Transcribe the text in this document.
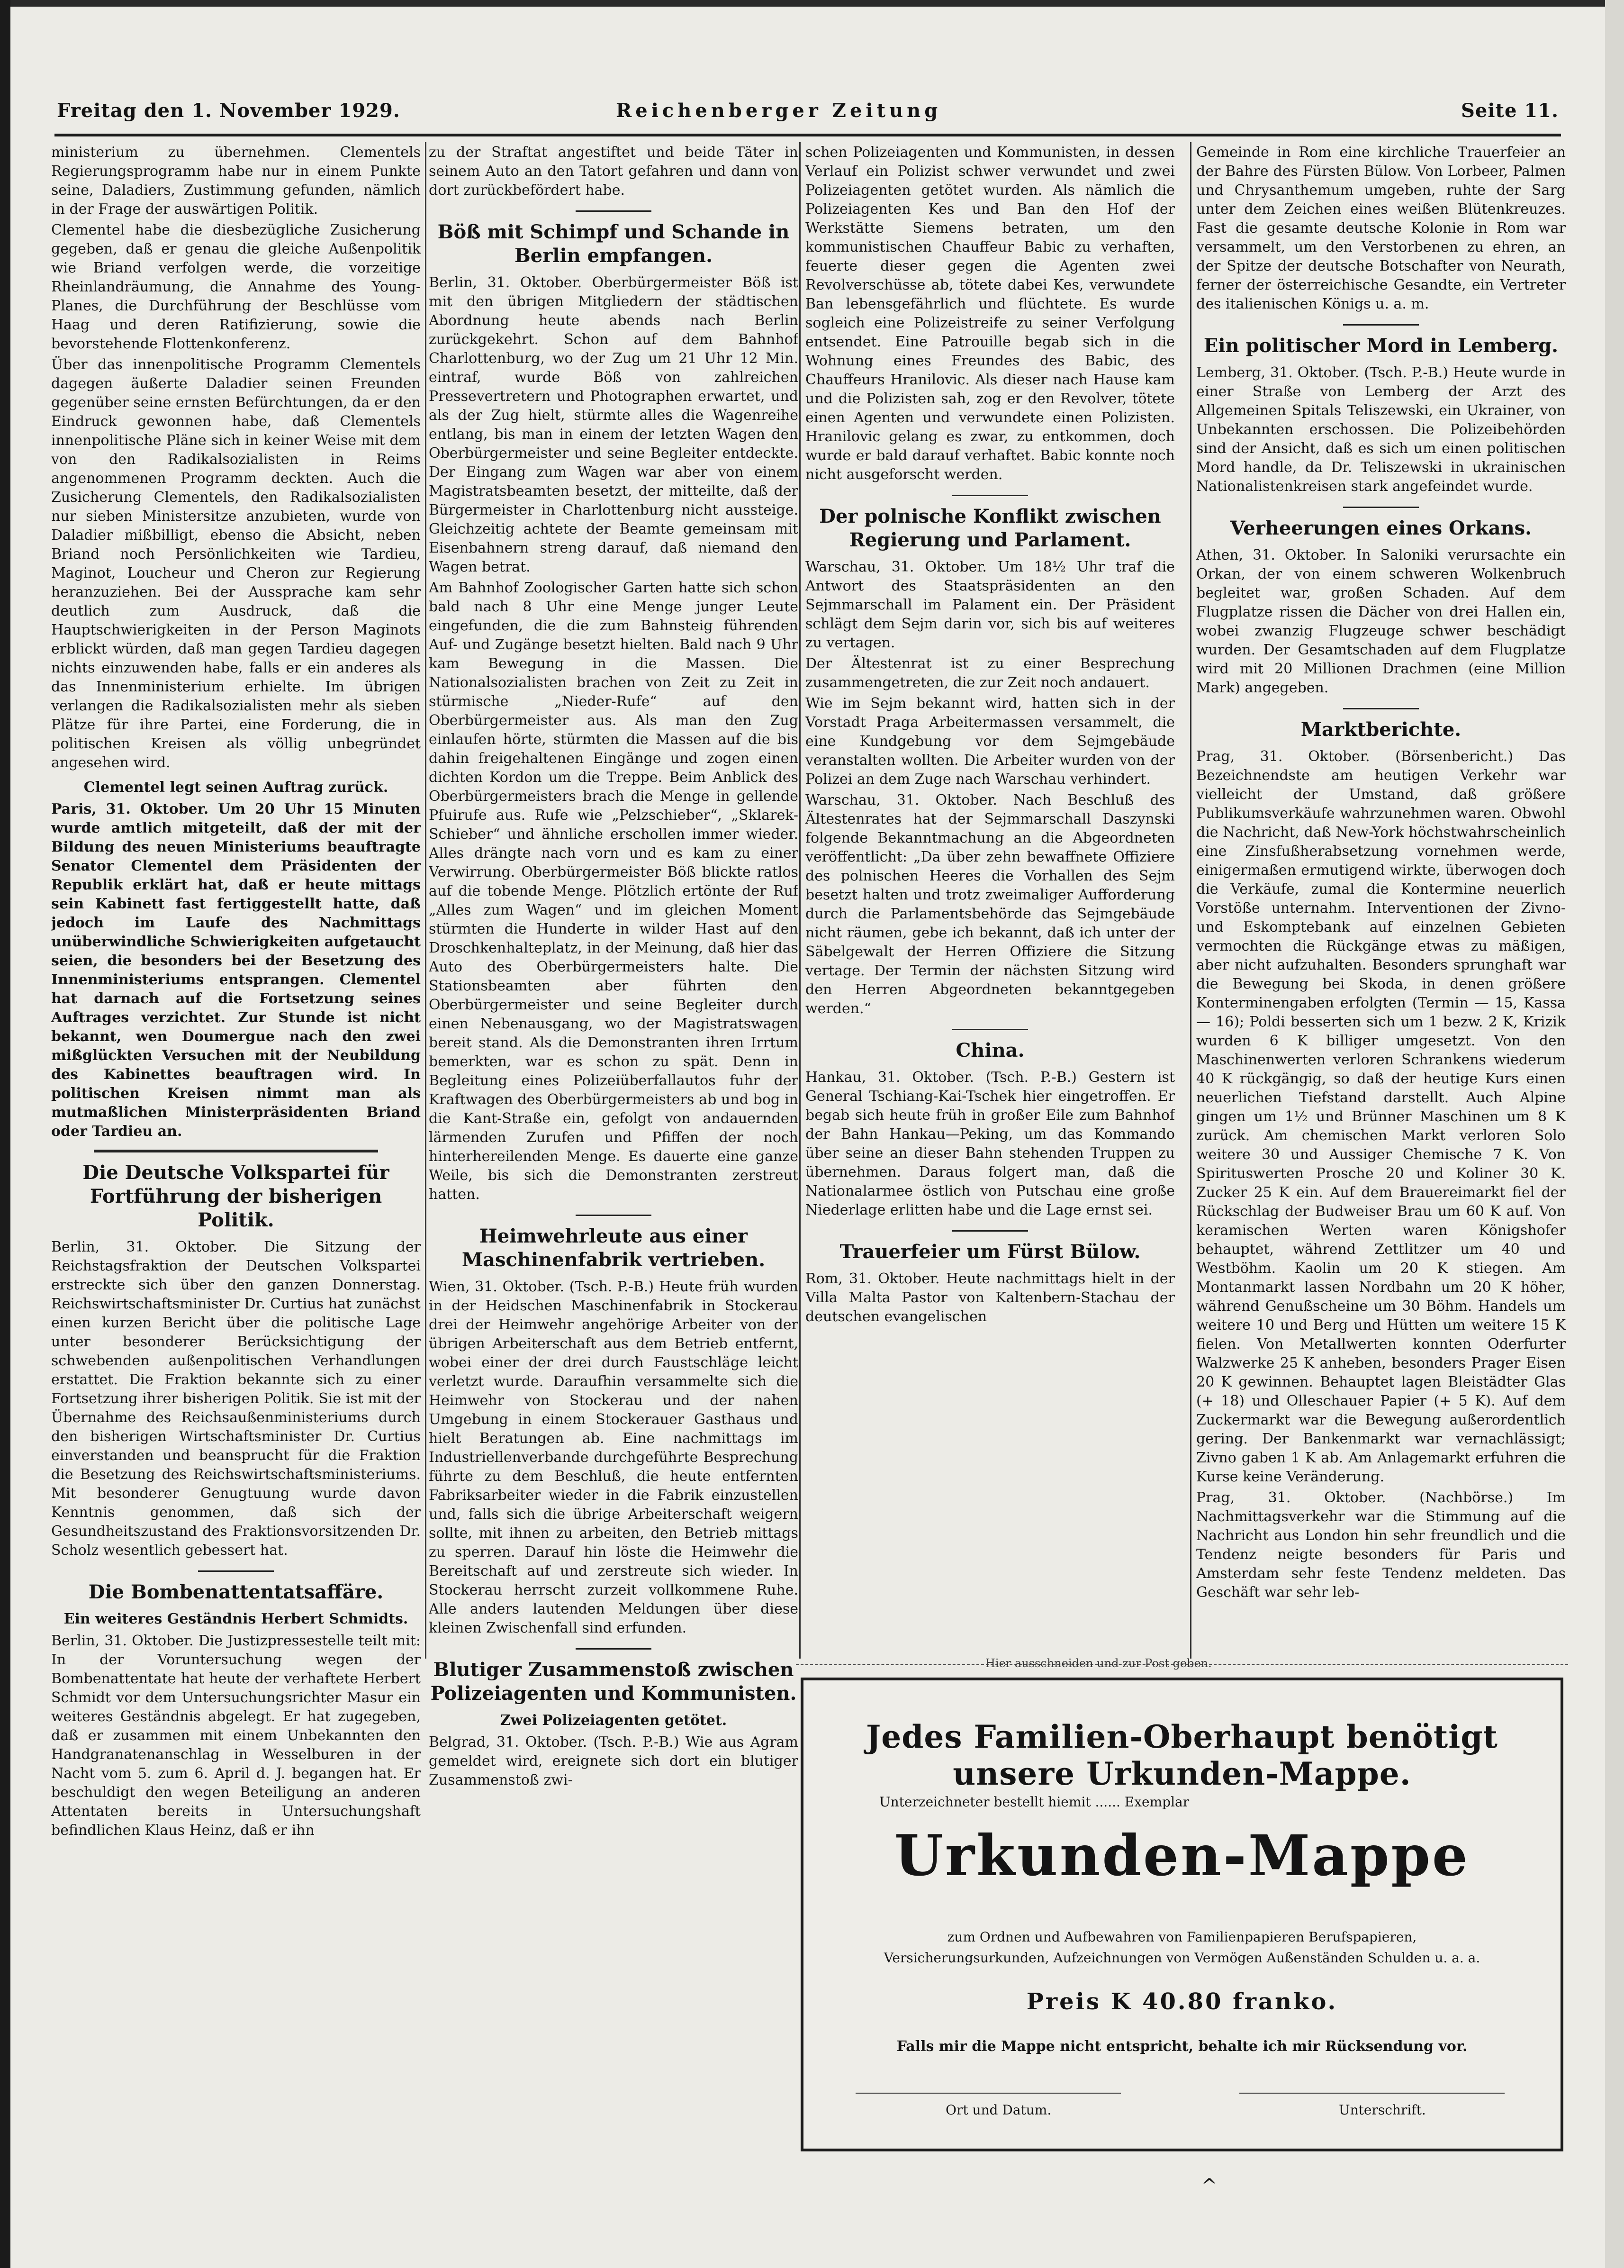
Freitag den 1. November 1929.	Reichenberger Zeitung	Seite 11.

ministerium zu übernehmen. Clementels Regierungsprogramm habe nur in einem Punkte seine, Daladiers, Zustimmung gefunden, nämlich in der Frage der auswärtigen Politik.

Clementel habe die diesbezügliche Zusicherung gegeben, daß er genau die gleiche Außenpolitik wie Briand verfolgen werde, die vorzeitige Rheinlandräumung, die Annahme des Young-Planes, die Durchführung der Beschlüsse vom Haag und deren Ratifizierung, sowie die bevorstehende Flottenkonferenz.

Über das innenpolitische Programm Clementels dagegen äußerte Daladier seinen Freunden gegenüber seine ernsten Befürchtungen, da er den Eindruck gewonnen habe, daß Clementels innenpolitische Pläne sich in keiner Weise mit dem von den Radikalsozialisten in Reims angenommenen Programm deckten. Auch die Zusicherung Clementels, den Radikalsozialisten nur sieben Ministersitze anzubieten, wurde von Daladier mißbilligt, ebenso die Absicht, neben Briand noch Persönlichkeiten wie Tardieu, Maginot, Loucheur und Cheron zur Regierung heranzuziehen. Bei der Aussprache kam sehr deutlich zum Ausdruck, daß die Hauptschwierigkeiten in der Person Maginots erblickt würden, daß man gegen Tardieu dagegen nichts einzuwenden habe, falls er ein anderes als das Innenministerium erhielte. Im übrigen verlangen die Radikalsozialisten mehr als sieben Plätze für ihre Partei, eine Forderung, die in politischen Kreisen als völlig unbegründet angesehen wird.

Clementel legt seinen Auftrag zurück.

Paris, 31. Oktober. Um 20 Uhr 15 Minuten wurde amtlich mitgeteilt, daß der mit der Bildung des neuen Ministeriums beauftragte Senator Clementel dem Präsidenten der Republik erklärt hat, daß er heute mittags sein Kabinett fast fertiggestellt hatte, daß jedoch im Laufe des Nachmittags unüberwindliche Schwierigkeiten aufgetaucht seien, die besonders bei der Besetzung des Innenministeriums entsprangen. Clementel hat darnach auf die Fortsetzung seines Auftrages verzichtet. Zur Stunde ist nicht bekannt, wen Doumergue nach den zwei mißglückten Versuchen mit der Neubildung des Kabinettes beauftragen wird. In politischen Kreisen nimmt man als mutmaßlichen Ministerpräsidenten Briand oder Tardieu an.

Die Deutsche Volkspartei für Fortführung der bisherigen Politik.

Berlin, 31. Oktober. Die Sitzung der Reichstagsfraktion der Deutschen Volkspartei erstreckte sich über den ganzen Donnerstag. Reichswirtschaftsminister Dr. Curtius hat zunächst einen kurzen Bericht über die politische Lage unter besonderer Berücksichtigung der schwebenden außenpolitischen Verhandlungen erstattet. Die Fraktion bekannte sich zu einer Fortsetzung ihrer bisherigen Politik. Sie ist mit der Übernahme des Reichsaußenministeriums durch den bisherigen Wirtschaftsminister Dr. Curtius einverstanden und beansprucht für die Fraktion die Besetzung des Reichswirtschaftsministeriums. Mit besonderer Genugtuung wurde davon Kenntnis genommen, daß sich der Gesundheitszustand des Fraktionsvorsitzenden Dr. Scholz wesentlich gebessert hat.

Die Bombenattentatsaffäre.
Ein weiteres Geständnis Herbert Schmidts.

Berlin, 31. Oktober. Die Justizpressestelle teilt mit: In der Voruntersuchung wegen der Bombenattentate hat heute der verhaftete Herbert Schmidt vor dem Untersuchungsrichter Masur ein weiteres Geständnis abgelegt. Er hat zugegeben, daß er zusammen mit einem Unbekannten den Handgranatenanschlag in Wesselburen in der Nacht vom 5. zum 6. April d. J. begangen hat. Er beschuldigt den wegen Beteiligung an anderen Attentaten bereits in Untersuchungshaft befindlichen Klaus Heinz, daß er ihn

zu der Straftat angestiftet und beide Täter in seinem Auto an den Tatort gefahren und dann von dort zurückbefördert habe.

Böß mit Schimpf und Schande in Berlin empfangen.

Berlin, 31. Oktober. Oberbürgermeister Böß ist mit den übrigen Mitgliedern der städtischen Abordnung heute abends nach Berlin zurückgekehrt. Schon auf dem Bahnhof Charlottenburg, wo der Zug um 21 Uhr 12 Min. eintraf, wurde Böß von zahlreichen Pressevertretern und Photographen erwartet, und als der Zug hielt, stürmte alles die Wagenreihe entlang, bis man in einem der letzten Wagen den Oberbürgermeister und seine Begleiter entdeckte. Der Eingang zum Wagen war aber von einem Magistratsbeamten besetzt, der mitteilte, daß der Bürgermeister in Charlottenburg nicht aussteige. Gleichzeitig achtete der Beamte gemeinsam mit Eisenbahnern streng darauf, daß niemand den Wagen betrat.

Am Bahnhof Zoologischer Garten hatte sich schon bald nach 8 Uhr eine Menge junger Leute eingefunden, die die zum Bahnsteig führenden Auf- und Zugänge besetzt hielten. Bald nach 9 Uhr kam Bewegung in die Massen. Die Nationalsozialisten brachen von Zeit zu Zeit in stürmische „Nieder-Rufe“ auf den Oberbürgermeister aus. Als man den Zug einlaufen hörte, stürmten die Massen auf die bis dahin freigehaltenen Eingänge und zogen einen dichten Kordon um die Treppe. Beim Anblick des Oberbürgermeisters brach die Menge in gellende Pfuirufe aus. Rufe wie „Pelzschieber“, „Sklarek-Schieber“ und ähnliche erschollen immer wieder. Alles drängte nach vorn und es kam zu einer Verwirrung. Oberbürgermeister Böß blickte ratlos auf die tobende Menge. Plötzlich ertönte der Ruf „Alles zum Wagen“ und im gleichen Moment stürmten die Hunderte in wilder Hast auf den Droschkenhalteplatz, in der Meinung, daß hier das Auto des Oberbürgermeisters halte. Die Stationsbeamten aber führten den Oberbürgermeister und seine Begleiter durch einen Nebenausgang, wo der Magistratswagen bereit stand. Als die Demonstranten ihren Irrtum bemerkten, war es schon zu spät. Denn in Begleitung eines Polizeiüberfallautos fuhr der Kraftwagen des Oberbürgermeisters ab und bog in die Kant-Straße ein, gefolgt von andauernden lärmenden Zurufen und Pfiffen der noch hinterhereilenden Menge. Es dauerte eine ganze Weile, bis sich die Demonstranten zerstreut hatten.

Heimwehrleute aus einer Maschinenfabrik vertrieben.

Wien, 31. Oktober. (Tsch. P.-B.) Heute früh wurden in der Heidschen Maschinenfabrik in Stockerau drei der Heimwehr angehörige Arbeiter von der übrigen Arbeiterschaft aus dem Betrieb entfernt, wobei einer der drei durch Faustschläge leicht verletzt wurde. Daraufhin versammelte sich die Heimwehr von Stockerau und der nahen Umgebung in einem Stockerauer Gasthaus und hielt Beratungen ab. Eine nachmittags im Industriellenverbande durchgeführte Besprechung führte zu dem Beschluß, die heute entfernten Fabriksarbeiter wieder in die Fabrik einzustellen und, falls sich die übrige Arbeiterschaft weigern sollte, mit ihnen zu arbeiten, den Betrieb mittags zu sperren. Darauf hin löste die Heimwehr die Bereitschaft auf und zerstreute sich wieder. In Stockerau herrscht zurzeit vollkommene Ruhe. Alle anders lautenden Meldungen über diese kleinen Zwischenfall sind erfunden.

Blutiger Zusammenstoß zwischen Polizeiagenten und Kommunisten.
Zwei Polizeiagenten getötet.

Belgrad, 31. Oktober. (Tsch. P.-B.) Wie aus Agram gemeldet wird, ereignete sich dort ein blutiger Zusammenstoß zwi-

schen Polizeiagenten und Kommunisten, in dessen Verlauf ein Polizist schwer verwundet und zwei Polizeiagenten getötet wurden. Als nämlich die Polizeiagenten Kes und Ban den Hof der Werkstätte Siemens betraten, um den kommunistischen Chauffeur Babic zu verhaften, feuerte dieser gegen die Agenten zwei Revolverschüsse ab, tötete dabei Kes, verwundete Ban lebensgefährlich und flüchtete. Es wurde sogleich eine Polizeistreife zu seiner Verfolgung entsendet. Eine Patrouille begab sich in die Wohnung eines Freundes des Babic, des Chauffeurs Hranilovic. Als dieser nach Hause kam und die Polizisten sah, zog er den Revolver, tötete einen Agenten und verwundete einen Polizisten. Hranilovic gelang es zwar, zu entkommen, doch wurde er bald darauf verhaftet. Babic konnte noch nicht ausgeforscht werden.

Der polnische Konflikt zwischen Regierung und Parlament.

Warschau, 31. Oktober. Um 18½ Uhr traf die Antwort des Staatspräsidenten an den Sejmmarschall im Palament ein. Der Präsident schlägt dem Sejm darin vor, sich bis auf weiteres zu vertagen.

Der Ältestenrat ist zu einer Besprechung zusammengetreten, die zur Zeit noch andauert.

Wie im Sejm bekannt wird, hatten sich in der Vorstadt Praga Arbeitermassen versammelt, die eine Kundgebung vor dem Sejmgebäude veranstalten wollten. Die Arbeiter wurden von der Polizei an dem Zuge nach Warschau verhindert.

Warschau, 31. Oktober. Nach Beschluß des Ältestenrates hat der Sejmmarschall Daszynski folgende Bekanntmachung an die Abgeordneten veröffentlicht: „Da über zehn bewaffnete Offiziere des polnischen Heeres die Vorhallen des Sejm besetzt halten und trotz zweimaliger Aufforderung durch die Parlamentsbehörde das Sejmgebäude nicht räumen, gebe ich bekannt, daß ich unter der Säbelgewalt der Herren Offiziere die Sitzung vertage. Der Termin der nächsten Sitzung wird den Herren Abgeordneten bekanntgegeben werden.“

China.

Hankau, 31. Oktober. (Tsch. P.-B.) Gestern ist General Tschiang-Kai-Tschek hier eingetroffen. Er begab sich heute früh in großer Eile zum Bahnhof der Bahn Hankau—Peking, um das Kommando über seine an dieser Bahn stehenden Truppen zu übernehmen. Daraus folgert man, daß die Nationalarmee östlich von Putschau eine große Niederlage erlitten habe und die Lage ernst sei.

Trauerfeier um Fürst Bülow.

Rom, 31. Oktober. Heute nachmittags hielt in der Villa Malta Pastor von Kaltenbern-Stachau der deutschen evangelischen

Gemeinde in Rom eine kirchliche Trauerfeier an der Bahre des Fürsten Bülow. Von Lorbeer, Palmen und Chrysanthemum umgeben, ruhte der Sarg unter dem Zeichen eines weißen Blütenkreuzes. Fast die gesamte deutsche Kolonie in Rom war versammelt, um den Verstorbenen zu ehren, an der Spitze der deutsche Botschafter von Neurath, ferner der österreichische Gesandte, ein Vertreter des italienischen Königs u. a. m.

Ein politischer Mord in Lemberg.

Lemberg, 31. Oktober. (Tsch. P.-B.) Heute wurde in einer Straße von Lemberg der Arzt des Allgemeinen Spitals Teliszewski, ein Ukrainer, von Unbekannten erschossen. Die Polizeibehörden sind der Ansicht, daß es sich um einen politischen Mord handle, da Dr. Teliszewski in ukrainischen Nationalistenkreisen stark angefeindet wurde.

Verheerungen eines Orkans.

Athen, 31. Oktober. In Saloniki verursachte ein Orkan, der von einem schweren Wolkenbruch begleitet war, großen Schaden. Auf dem Flugplatze rissen die Dächer von drei Hallen ein, wobei zwanzig Flugzeuge schwer beschädigt wurden. Der Gesamtschaden auf dem Flugplatze wird mit 20 Millionen Drachmen (eine Million Mark) angegeben.

Marktberichte.

Prag, 31. Oktober. (Börsenbericht.) Das Bezeichnendste am heutigen Verkehr war vielleicht der Umstand, daß größere Publikumsverkäufe wahrzunehmen waren. Obwohl die Nachricht, daß New-York höchstwahrscheinlich eine Zinsfußherabsetzung vornehmen werde, einigermaßen ermutigend wirkte, überwogen doch die Verkäufe, zumal die Kontermine neuerlich Vorstöße unternahm. Interventionen der Zivno- und Eskomptebank auf einzelnen Gebieten vermochten die Rückgänge etwas zu mäßigen, aber nicht aufzuhalten. Besonders sprunghaft war die Bewegung bei Skoda, in denen größere Konterminengaben erfolgten (Termin — 15, Kassa — 16); Poldi besserten sich um 1 bezw. 2 K, Krizik wurden 6 K billiger umgesetzt. Von den Maschinenwerten verloren Schrankens wiederum 40 K rückgängig, so daß der heutige Kurs einen neuerlichen Tiefstand darstellt. Auch Alpine gingen um 1½ und Brünner Maschinen um 8 K zurück. Am chemischen Markt verloren Solo weitere 30 und Aussiger Chemische 7 K. Von Spirituswerten Prosche 20 und Koliner 30 K. Zucker 25 K ein. Auf dem Brauereimarkt fiel der Rückschlag der Budweiser Brau um 60 K auf. Von keramischen Werten waren Königshofer behauptet, während Zettlitzer um 40 und Westböhm. Kaolin um 20 K stiegen. Am Montanmarkt lassen Nordbahn um 20 K höher, während Genußscheine um 30 Böhm. Handels um weitere 10 und Berg und Hütten um weitere 15 K fielen. Von Metallwerten konnten Oderfurter Walzwerke 25 K anheben, besonders Prager Eisen 20 K gewinnen. Behauptet lagen Bleistädter Glas (+ 18) und Olleschauer Papier (+ 5 K). Auf dem Zuckermarkt war die Bewegung außerordentlich gering. Der Bankenmarkt war vernachlässigt; Zivno gaben 1 K ab. Am Anlagemarkt erfuhren die Kurse keine Veränderung.

Prag, 31. Oktober. (Nachbörse.) Im Nachmittagsverkehr war die Stimmung auf die Nachricht aus London hin sehr freundlich und die Tendenz neigte besonders für Paris und Amsterdam sehr feste Tendenz meldeten. Das Geschäft war sehr leb-

Hier ausschneiden und zur Post geben.
Jedes Familien-Oberhaupt benötigt unsere Urkunden-Mappe.
Unterzeichneter bestellt hiemit ...... Exemplar
Urkunden-Mappe
zum Ordnen und Aufbewahren von Familienpapieren Berufspapieren, Versicherungsurkunden, Aufzeichnungen von Vermögen Außenständen Schulden u. a. a.
Preis K 40.80 franko.
Falls mir die Mappe nicht entspricht, behalte ich mir Rücksendung vor.
Ort und Datum.	Unterschrift.
^
